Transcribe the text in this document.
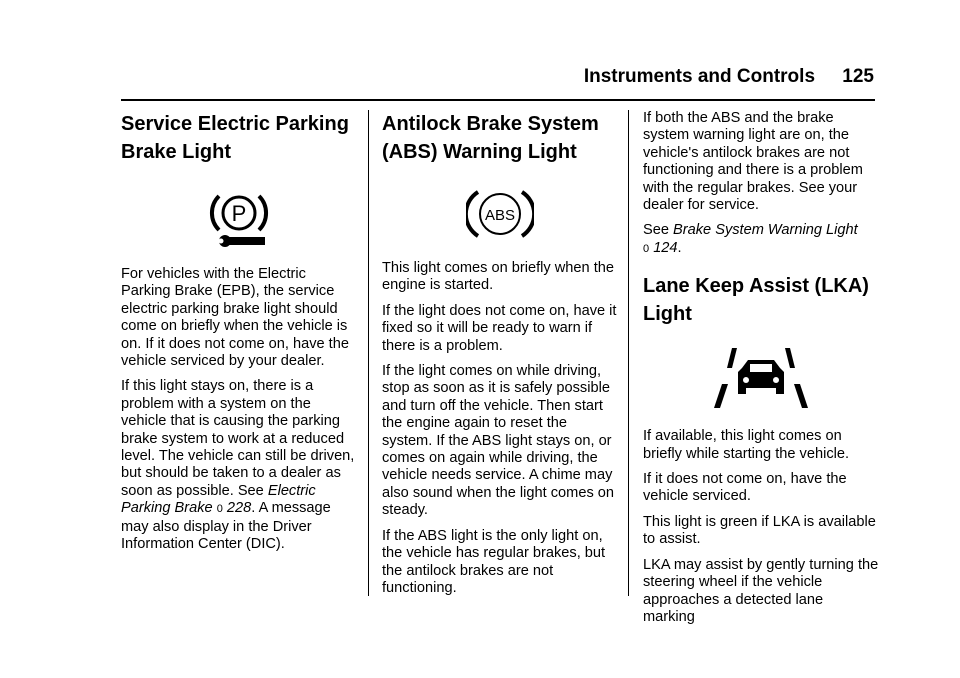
Instruments and Controls 125
Service Electric Parking Brake Light
P

For vehicles with the Electric Parking Brake (EPB), the service electric parking brake light should come on briefly when the vehicle is on. If it does not come on, have the vehicle serviced by your dealer.

If this light stays on, there is a problem with a system on the vehicle that is causing the parking brake system to work at a reduced level. The vehicle can still be driven, but should be taken to a dealer as soon as possible. See Electric Parking Brake 0 228. A message may also display in the Driver Information Center (DIC).

Antilock Brake System (ABS) Warning Light
ABS

This light comes on briefly when the engine is started.

If the light does not come on, have it fixed so it will be ready to warn if there is a problem.

If the light comes on while driving, stop as soon as it is safely possible and turn off the vehicle. Then start the engine again to reset the system. If the ABS light stays on, or comes on again while driving, the vehicle needs service. A chime may also sound when the light comes on steady.

If the ABS light is the only light on, the vehicle has regular brakes, but the antilock brakes are not functioning.

If both the ABS and the brake system warning light are on, the vehicle's antilock brakes are not functioning and there is a problem with the regular brakes. See your dealer for service.

See Brake System Warning Light
0 124.

Lane Keep Assist (LKA) Light

If available, this light comes on briefly while starting the vehicle.

If it does not come on, have the vehicle serviced.

This light is green if LKA is available to assist.

LKA may assist by gently turning the steering wheel if the vehicle approaches a detected lane marking
